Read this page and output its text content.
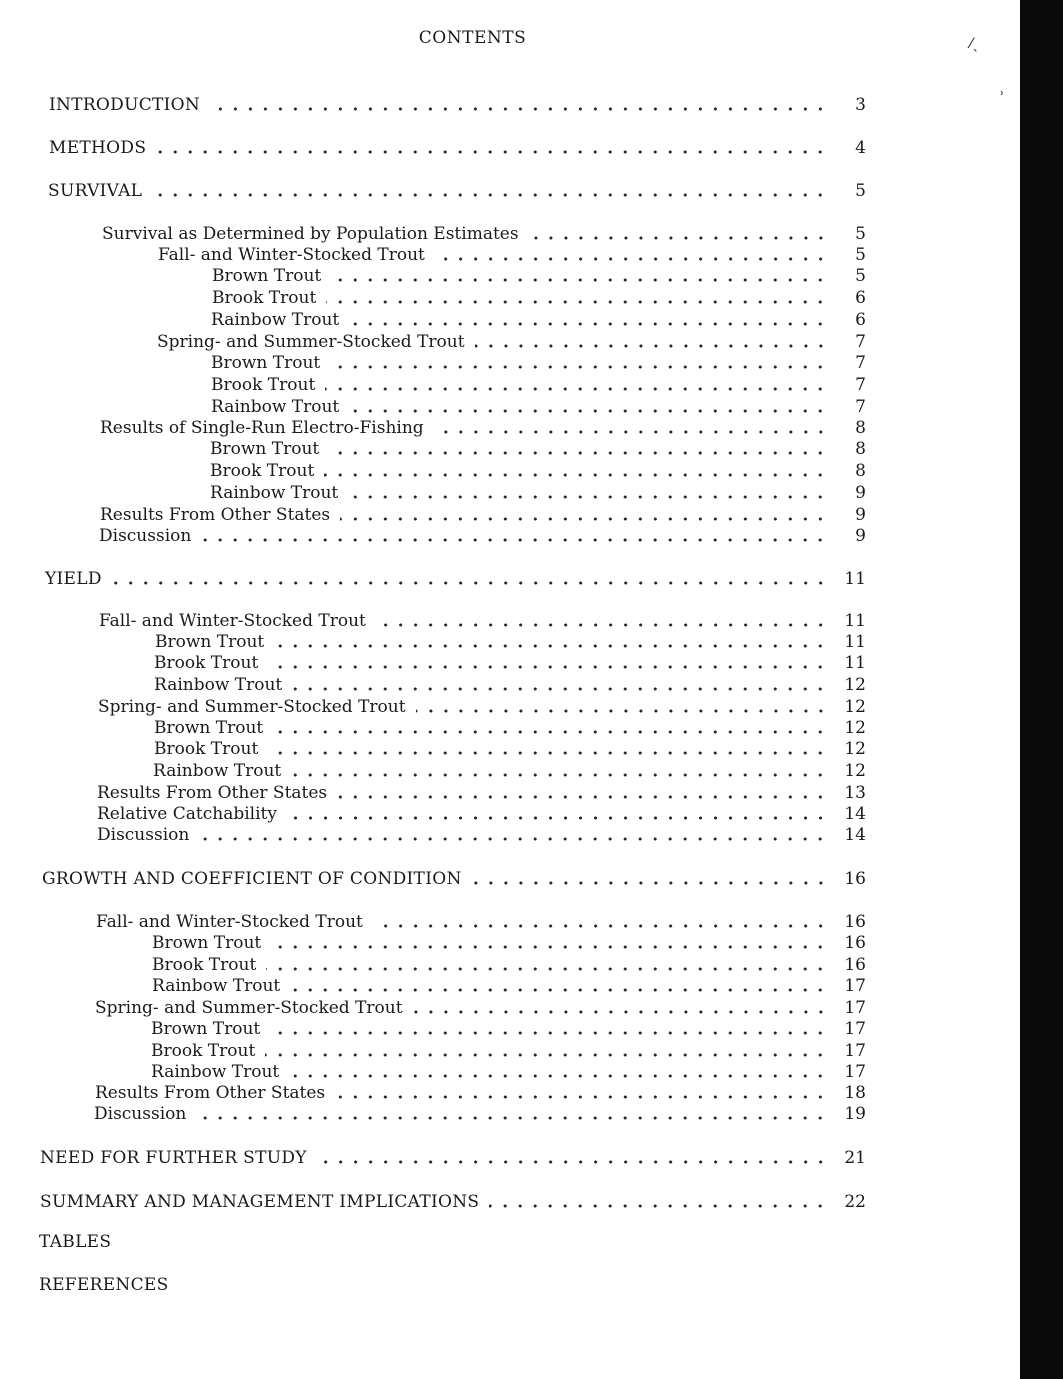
⁄ˎ
ʾ
CONTENTS
INTRODUCTION	3
METHODS	4
SURVIVAL	5
Survival as Determined by Population Estimates	5
Fall- and Winter-Stocked Trout	5
Brown Trout	5
Brook Trout	6
Rainbow Trout	6
Spring- and Summer-Stocked Trout	7
Brown Trout	7
Brook Trout	7
Rainbow Trout	7
Results of Single-Run Electro-Fishing	8
Brown Trout	8
Brook Trout	8
Rainbow Trout	9
Results From Other States	9
Discussion	9
YIELD	11
Fall- and Winter-Stocked Trout	11
Brown Trout	11
Brook Trout	11
Rainbow Trout	12
Spring- and Summer-Stocked Trout	12
Brown Trout	12
Brook Trout	12
Rainbow Trout	12
Results From Other States	13
Relative Catchability	14
Discussion	14
GROWTH AND COEFFICIENT OF CONDITION	16
Fall- and Winter-Stocked Trout	16
Brown Trout	16
Brook Trout	16
Rainbow Trout	17
Spring- and Summer-Stocked Trout	17
Brown Trout	17
Brook Trout	17
Rainbow Trout	17
Results From Other States	18
Discussion	19
NEED FOR FURTHER STUDY	21
SUMMARY AND MANAGEMENT IMPLICATIONS	22
TABLES
REFERENCES
